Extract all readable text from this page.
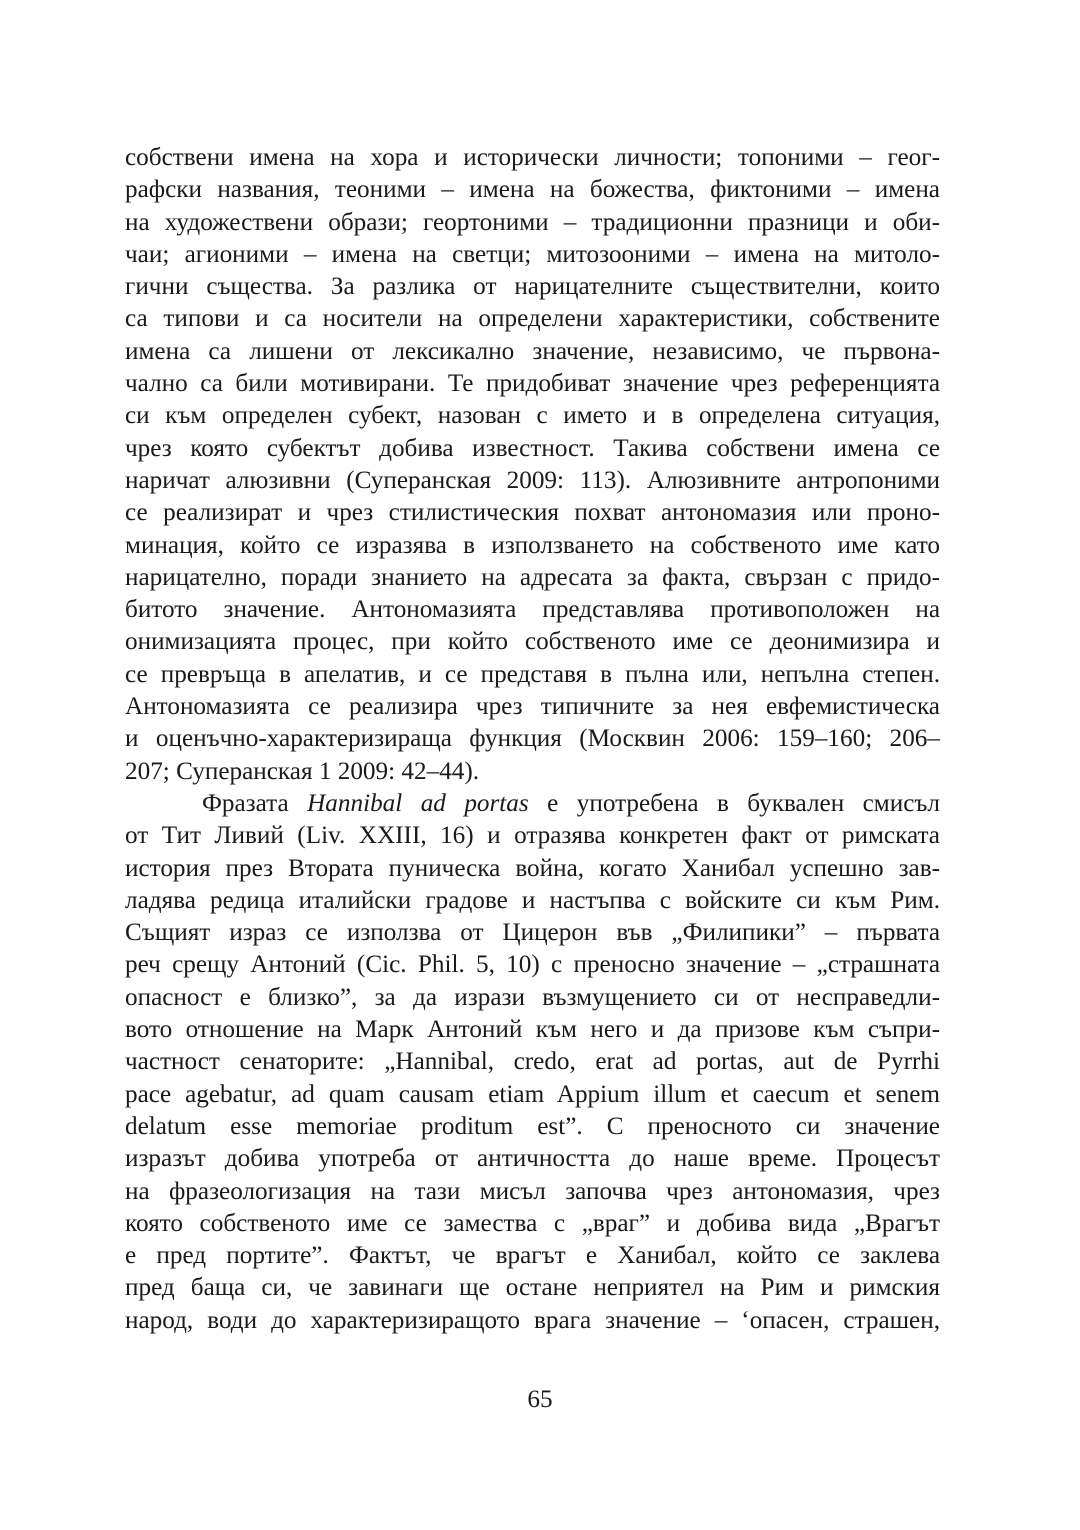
собствени имена на хора и исторически личности; топоними – геог-
рафски названия, теоними – имена на божества, фиктоними – имена
на художествени образи; геортоними – традиционни празници и оби-
чаи; агионими – имена на светци; митозооними – имена на митоло-
гични същества. За разлика от нарицателните съществителни, които
са типови и са носители на определени характеристики, собствените
имена са лишени от лексикално значение, независимо, че първона-
чално са били мотивирани. Те придобиват значение чрез референцията
си към определен субект, назован с името и в определена ситуация,
чрез която субектът добива известност. Такива собствени имена се
наричат алюзивни (Суперанская 2009: 113). Алюзивните антропоними
се реализират и чрез стилистическия похват антономазия или проно-
минация, който се изразява в използването на собственото име като
нарицателно, поради знанието на адресата за факта, свързан с придо-
битото значение. Антономазията представлява противоположен на
онимизацията процес, при който собственото име се деонимизира и
се превръща в апелатив, и се представя в пълна или, непълна степен.
Антономазията се реализира чрез типичните за нея евфемистическа
и оценъчно-характеризираща функция (Москвин 2006: 159–160; 206–
207; Суперанская 1 2009: 42–44).
Фразата Hannibal ad portas е употребена в буквален смисъл
от Тит Ливий (Liv. XXIII, 16) и отразява конкретен факт от римската
история през Втората пуническа война, когато Ханибал успешно зав-
ладява редица италийски градове и настъпва с войските си към Рим.
Същият израз се използва от Цицерон във „Филипики” – първата
реч срещу Антоний (Cic. Phil. 5, 10) с преносно значение – „страшната
опасност е близко”, за да изрази възмущението си от несправедли-
вото отношение на Марк Антоний към него и да призове към съпри-
частност сенаторите: „Hannibal, credo, erat ad portas, aut de Pyrrhi
pace agebatur, ad quam causam etiam Appium illum et caecum et senem
delatum esse memoriae proditum est”. С преносното си значение
изразът добива употреба от античността до наше време. Процесът
на фразеологизация на тази мисъл започва чрез антономазия, чрез
която собственото име се замества с „враг” и добива вида „Врагът
е пред портите”. Фактът, че врагът е Ханибал, който се заклева
пред баща си, че завинаги ще остане неприятел на Рим и римския
народ, води до характеризиращото врага значение – ‘опасен, страшен,
65
